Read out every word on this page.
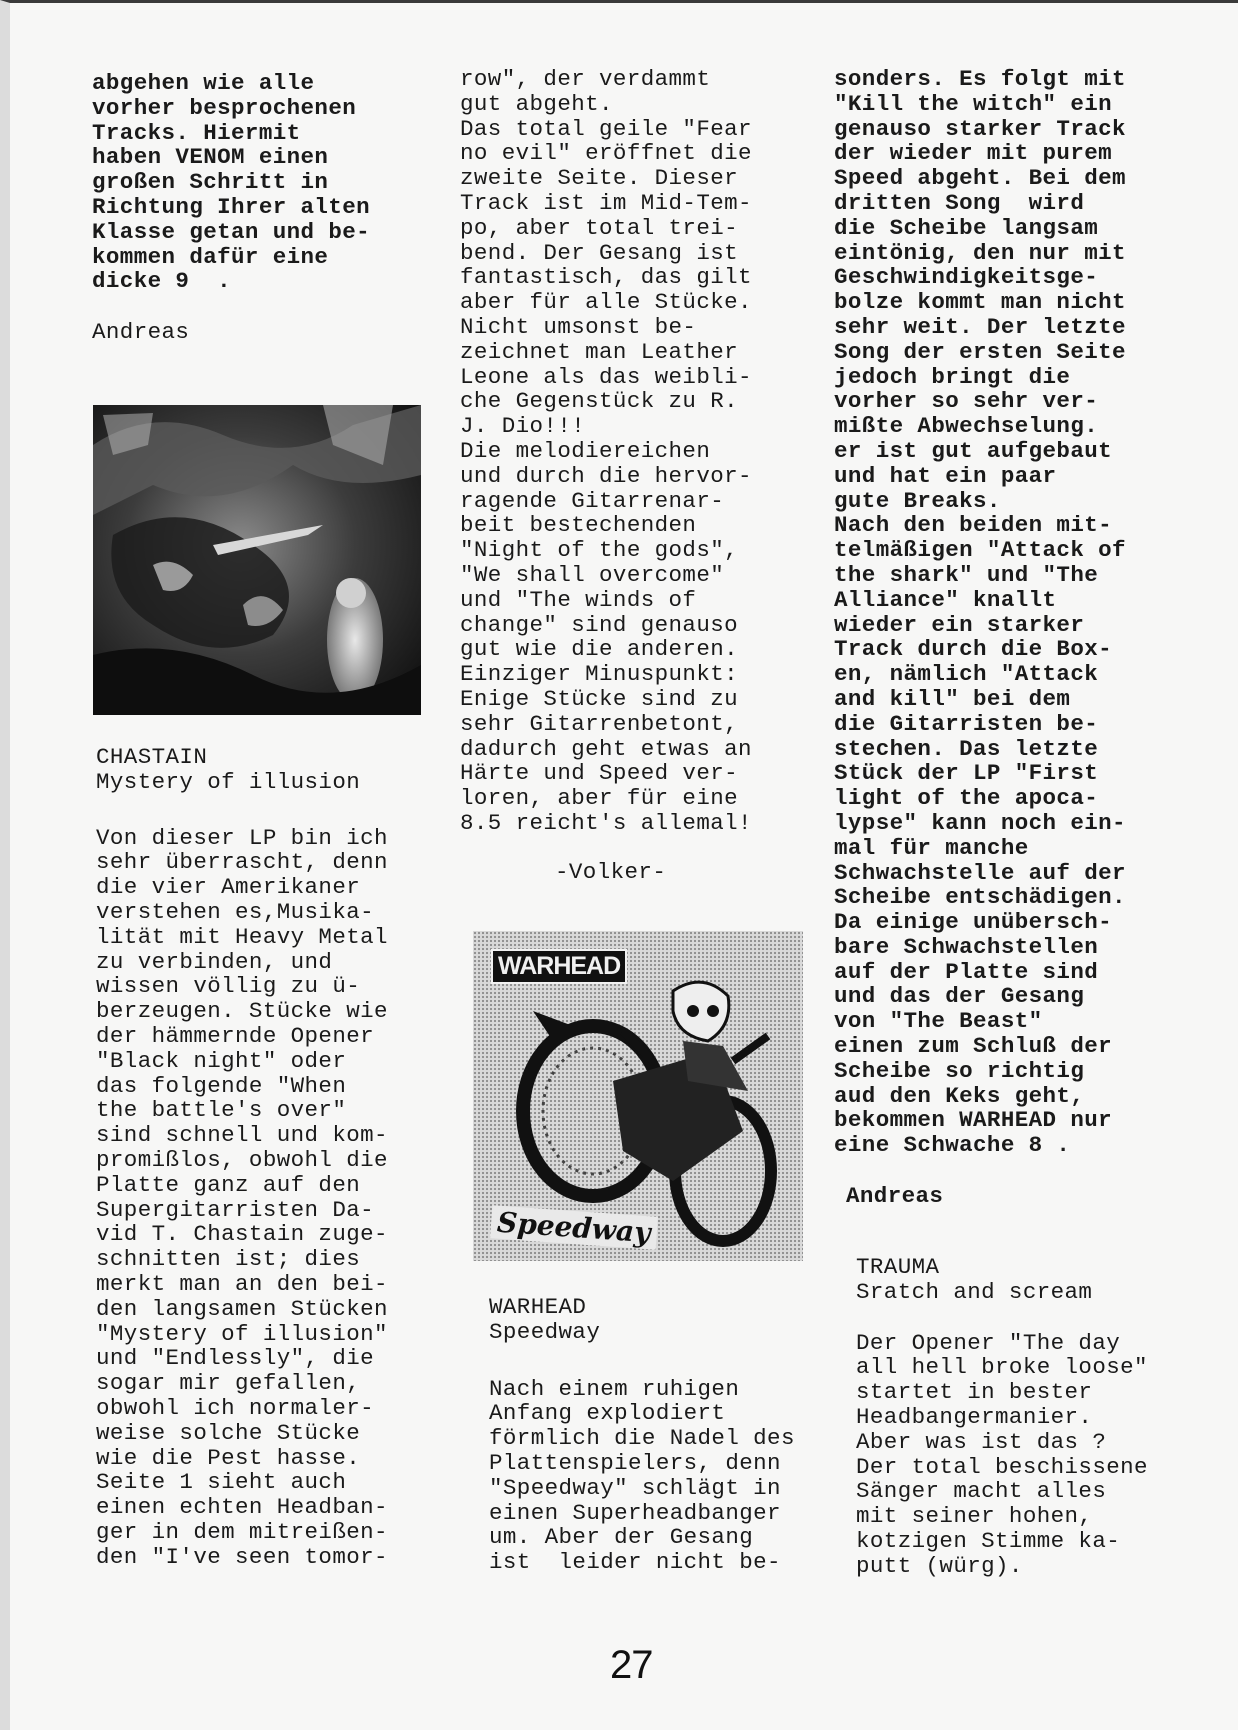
abgehen wie alle

vorher besprochenen

Tracks. Hiermit

haben VENOM einen

großen Schritt in

Richtung Ihrer alten

Klasse getan und be-

kommen dafür eine

dicke 9  .

Andreas

CHASTAIN

Mystery of illusion

Von dieser LP bin ich

sehr überrascht, denn

die vier Amerikaner

verstehen es,Musika-

lität mit Heavy Metal

zu verbinden, und

wissen völlig zu ü-

berzeugen. Stücke wie

der hämmernde Opener

"Black night" oder

das folgende "When

the battle's over"

sind schnell und kom-

promißlos, obwohl die

Platte ganz auf den

Supergitarristen Da-

vid T. Chastain zuge-

schnitten ist; dies

merkt man an den bei-

den langsamen Stücken

"Mystery of illusion"

und "Endlessly", die

sogar mir gefallen,

obwohl ich normaler-

weise solche Stücke

wie die Pest hasse.

Seite 1 sieht auch

einen echten Headban-

ger in dem mitreißen-

den "I've seen tomor-

row", der verdammt

gut abgeht.

Das total geile "Fear

no evil" eröffnet die

zweite Seite. Dieser

Track ist im Mid-Tem-

po, aber total trei-

bend. Der Gesang ist

fantastisch, das gilt

aber für alle Stücke.

Nicht umsonst be-

zeichnet man Leather

Leone als das weibli-

che Gegenstück zu R.

J. Dio!!!

Die melodiereichen

und durch die hervor-

ragende Gitarrenar-

beit bestechenden

"Night of the gods",

"We shall overcome"

und "The winds of

change" sind genauso

gut wie die anderen.

Einziger Minuspunkt:

Enige Stücke sind zu

sehr Gitarrenbetont,

dadurch geht etwas an

Härte und Speed ver-

loren, aber für eine

8.5 reicht's allemal!

-Volker-

WARHEAD
Speedway

WARHEAD

Speedway

Nach einem ruhigen

Anfang explodiert

förmlich die Nadel des

Plattenspielers, denn

"Speedway" schlägt in

einen Superheadbanger

um. Aber der Gesang

ist  leider nicht be-

sonders. Es folgt mit

"Kill the witch" ein

genauso starker Track

der wieder mit purem

Speed abgeht. Bei dem

dritten Song  wird

die Scheibe langsam

eintönig, den nur mit

Geschwindigkeitsge-

bolze kommt man nicht

sehr weit. Der letzte

Song der ersten Seite

jedoch bringt die

vorher so sehr ver-

mißte Abwechselung.

er ist gut aufgebaut

und hat ein paar

gute Breaks.

Nach den beiden mit-

telmäßigen "Attack of

the shark" und "The

Alliance" knallt

wieder ein starker

Track durch die Box-

en, nämlich "Attack

and kill" bei dem

die Gitarristen be-

stechen. Das letzte

Stück der LP "First

light of the apoca-

lypse" kann noch ein-

mal für manche

Schwachstelle auf der

Scheibe entschädigen.

Da einige unübersch-

bare Schwachstellen

auf der Platte sind

und das der Gesang

von "The Beast"

einen zum Schluß der

Scheibe so richtig

aud den Keks geht,

bekommen WARHEAD nur

eine Schwache 8 .

Andreas

TRAUMA

Sratch and scream

Der Opener "The day

all hell broke loose"

startet in bester

Headbangermanier.

Aber was ist das ?

Der total beschissene

Sänger macht alles

mit seiner hohen,

kotzigen Stimme ka-

putt (würg).

27
